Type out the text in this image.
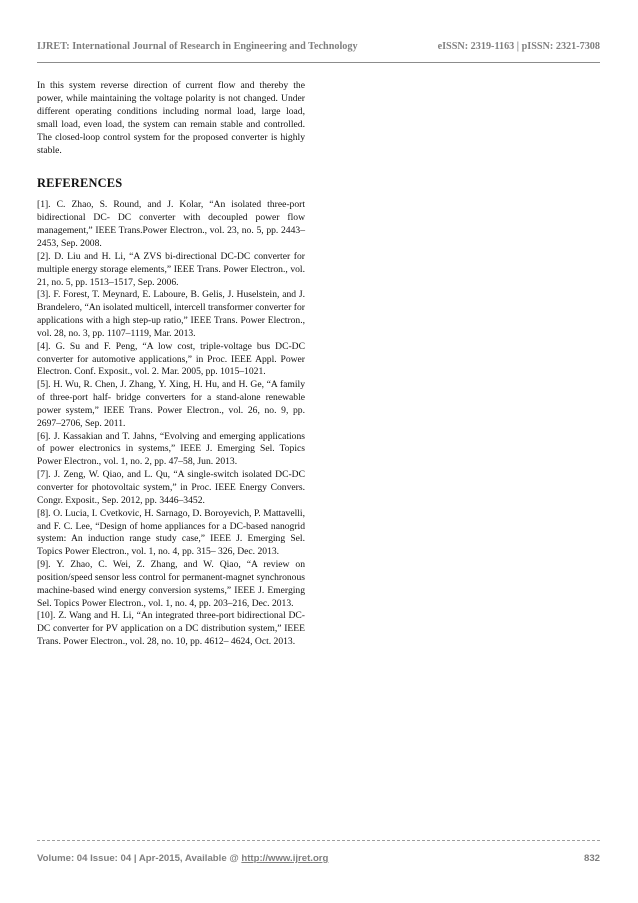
IJRET: International Journal of Research in Engineering and Technology	eISSN: 2319-1163 | pISSN: 2321-7308

In this system reverse direction of current flow and thereby the power, while maintaining the voltage polarity is not changed. Under different operating conditions including normal load, large load, small load, even load, the system can remain stable and controlled. The closed-loop control system for the proposed converter is highly stable.

REFERENCES

[1]. C. Zhao, S. Round, and J. Kolar, “An isolated three-port bidirectional DC- DC converter with decoupled power flow management,” IEEE Trans.Power Electron., vol. 23, no. 5, pp. 2443–2453, Sep. 2008.

[2]. D. Liu and H. Li, “A ZVS bi-directional DC-DC converter for multiple energy storage elements,” IEEE Trans. Power Electron., vol. 21, no. 5, pp. 1513–1517, Sep. 2006.

[3]. F. Forest, T. Meynard, E. Laboure, B. Gelis, J. Huselstein, and J. Brandelero, “An isolated multicell, intercell transformer converter for applications with a high step-up ratio,” IEEE Trans. Power Electron., vol. 28, no. 3, pp. 1107–1119, Mar. 2013.

[4]. G. Su and F. Peng, “A low cost, triple-voltage bus DC-DC converter for automotive applications,” in Proc. IEEE Appl. Power Electron. Conf. Exposit., vol. 2. Mar. 2005, pp. 1015–1021.

[5]. H. Wu, R. Chen, J. Zhang, Y. Xing, H. Hu, and H. Ge, “A family of three-port half- bridge converters for a stand-alone renewable power system,” IEEE Trans. Power Electron., vol. 26, no. 9, pp. 2697–2706, Sep. 2011.

[6]. J. Kassakian and T. Jahns, “Evolving and emerging applications of power electronics in systems,” IEEE J. Emerging Sel. Topics Power Electron., vol. 1, no. 2, pp. 47–58, Jun. 2013.

[7]. J. Zeng, W. Qiao, and L. Qu, “A single-switch isolated DC-DC converter for photovoltaic system,” in Proc. IEEE Energy Convers. Congr. Exposit., Sep. 2012, pp. 3446–3452.

[8]. O. Lucia, I. Cvetkovic, H. Sarnago, D. Boroyevich, P. Mattavelli, and F. C. Lee, “Design of home appliances for a DC-based nanogrid system: An induction range study case,” IEEE J. Emerging Sel. Topics Power Electron., vol. 1, no. 4, pp. 315– 326, Dec. 2013.

[9]. Y. Zhao, C. Wei, Z. Zhang, and W. Qiao, “A review on position/speed sensor less control for permanent-magnet synchronous machine-based wind energy conversion systems,” IEEE J. Emerging Sel. Topics Power Electron., vol. 1, no. 4, pp. 203–216, Dec. 2013.

[10]. Z. Wang and H. Li, “An integrated three-port bidirectional DC-DC converter for PV application on a DC distribution system,” IEEE Trans. Power Electron., vol. 28, no. 10, pp. 4612– 4624, Oct. 2013.

Volume: 04 Issue: 04 | Apr-2015, Available @ http://www.ijret.org	832
